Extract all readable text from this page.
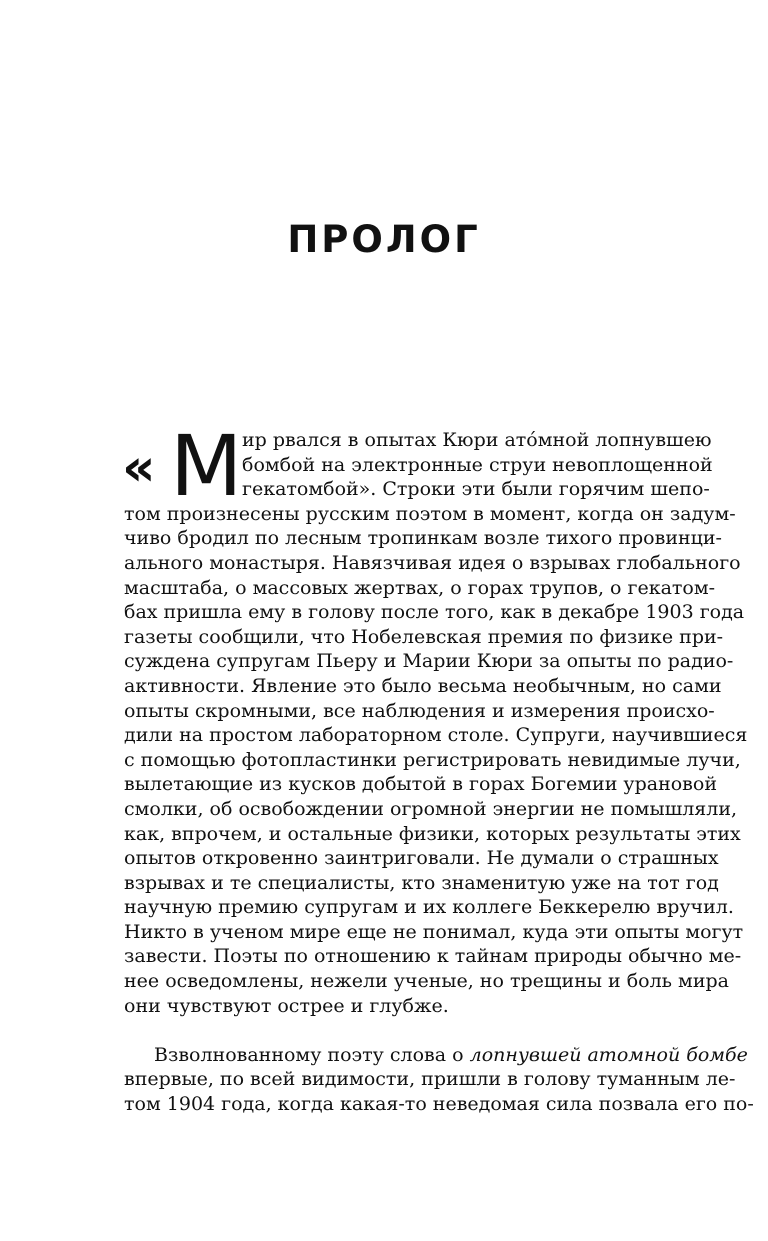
ПРОЛОГ
« М ир рвался в опытах Кюри ато́мной лопнувшею
бомбой на электронные струи невоплощенной
гекатомбой». Строки эти были горячим шепо-
том произнесены русским поэтом в момент, когда он задум-
чиво бродил по лесным тропинкам возле тихого провинци-
ального монастыря. Навязчивая идея о взрывах глобального
масштаба, о массовых жертвах, о горах трупов, о гекатом-
бах пришла ему в голову после того, как в декабре 1903 года
газеты сообщили, что Нобелевская премия по физике при-
суждена супругам Пьеру и Марии Кюри за опыты по радио-
активности. Явление это было весьма необычным, но сами
опыты скромными, все наблюдения и измерения происхо-
дили на простом лабораторном столе. Супруги, научившиеся
с помощью фотопластинки регистрировать невидимые лучи,
вылетающие из кусков добытой в горах Богемии урановой
смолки, об освобождении огромной энергии не помышляли,
как, впрочем, и остальные физики, которых результаты этих
опытов откровенно заинтриговали. Не думали о страшных
взрывах и те специалисты, кто знаменитую уже на тот год
научную премию супругам и их коллеге Беккерелю вручил.
Никто в ученом мире еще не понимал, куда эти опыты могут
завести. Поэты по отношению к тайнам природы обычно ме-
нее осведомлены, нежели ученые, но трещины и боль мира
они чувствуют острее и глубже.
Взволнованному поэту слова о лопнувшей атомной бомбе
впервые, по всей видимости, пришли в голову туманным ле-
том 1904 года, когда какая-то неведомая сила позвала его по-
